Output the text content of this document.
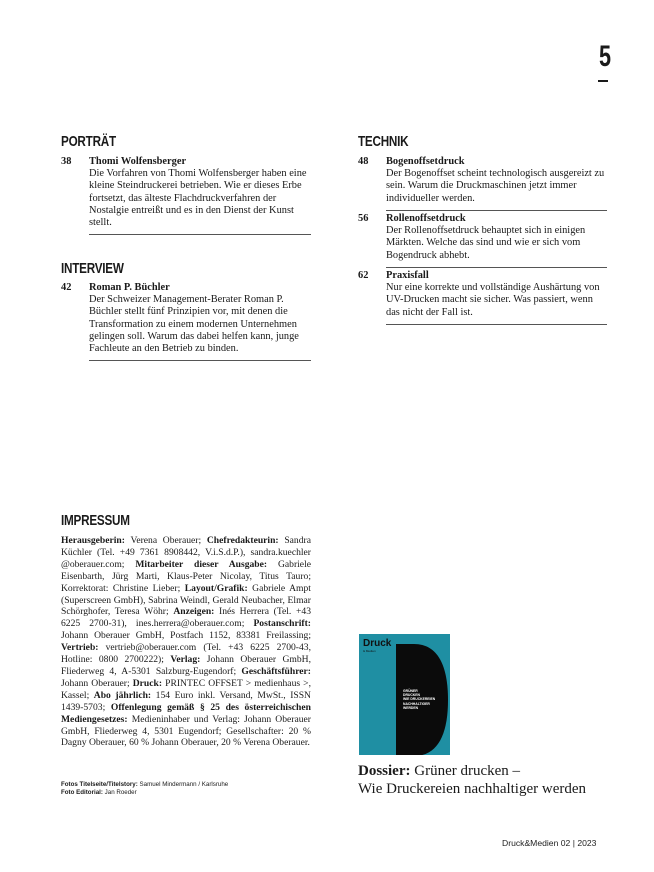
5
PORTRÄT
38 Thomi Wolfensberger
Die Vorfahren von Thomi Wolfensberger haben eine kleine Steindruckerei betrieben. Wie er dieses Erbe fortsetzt, das älteste Flachdruckverfahren der Nostalgie entreißt und es in den Dienst der Kunst stellt.
INTERVIEW
42 Roman P. Büchler
Der Schweizer Management-Berater Roman P. Büchler stellt fünf Prinzipien vor, mit denen die Transformation zu einem modernen Unternehmen gelingen soll. Warum das dabei helfen kann, junge Fachleute an den Betrieb zu binden.
TECHNIK
48 Bogenoffsetdruck
Der Bogenoffset scheint technologisch ausgereizt zu sein. Warum die Druckmaschinen jetzt immer individueller werden.
56 Rollenoffsetdruck
Der Rollenoffsetdruck behauptet sich in einigen Märkten. Welche das sind und wie er sich vom Bogendruck abhebt.
62 Praxisfall
Nur eine korrekte und vollständige Aushärtung von UV-Drucken macht sie sicher. Was passiert, wenn das nicht der Fall ist.
IMPRESSUM
Herausgeberin: Verena Oberauer; Chefredakteurin: Sandra Küchler (Tel. +49 7361 8908442, V.i.S.d.P.), sandra.kuechler @oberauer.com; Mitarbeiter dieser Ausgabe: Gabriele Eisenbarth, Jürg Marti, Klaus-Peter Nicolay, Titus Tauro; Korrektorat: Christine Lieber; Layout/Grafik: Gabriele Ampt (Superscreen GmbH), Sabrina Weindl, Gerald Neubacher, Elmar Schörghofer, Teresa Wöhr; Anzeigen: Inés Herrera (Tel. +43 6225 2700-31), ines.herrera@oberauer.com; Postanschrift: Johann Oberauer GmbH, Postfach 1152, 83381 Freilassing; Vertrieb: vertrieb@oberauer.com (Tel. +43 6225 2700-43, Hotline: 0800 2700222); Verlag: Johann Oberauer GmbH, Fliederweg 4, A-5301 Salzburg-Eugendorf; Geschäftsführer: Johann Oberauer; Druck: PRINTEC OFFSET > medienhaus >, Kassel; Abo jährlich: 154 Euro inkl. Versand, MwSt., ISSN 1439-5703; Offenlegung gemäß § 25 des österreichischen Mediengesetzes: Medieninhaber und Verlag: Johann Oberauer GmbH, Fliederweg 4, 5301 Eugendorf; Gesellschafter: 20 % Dagny Oberauer, 60 % Johann Oberauer, 20 % Verena Oberauer.
Fotos Titelseite/Titelstory: Samuel Mindermann / Karlsruhe
Foto Editorial: Jan Roeder
Druck
& Medien
GRÜNER
DRUCKEN
WIE DRUCKEREIEN
NACHHALTIGER
WERDEN
Dossier: Grüner drucken –
Wie Druckereien nachhaltiger werden
Druck&Medien 02 | 2023
